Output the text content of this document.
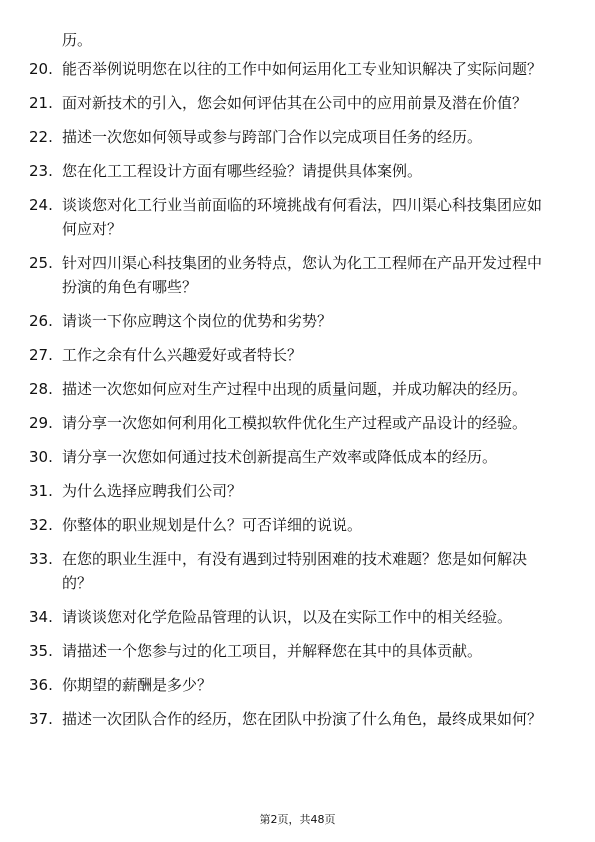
历。

20. 能否举例说明您在以往的工作中如何运用化工专业知识解决了实际问题？
21. 面对新技术的引入，您会如何评估其在公司中的应用前景及潜在价值？
22. 描述一次您如何领导或参与跨部门合作以完成项目任务的经历。
23. 您在化工工程设计方面有哪些经验？请提供具体案例。
24. 谈谈您对化工行业当前面临的环境挑战有何看法，四川渠心科技集团应如何应对？
25. 针对四川渠心科技集团的业务特点，您认为化工工程师在产品开发过程中扮演的角色有哪些？
26. 请谈一下你应聘这个岗位的优势和劣势？
27. 工作之余有什么兴趣爱好或者特长？
28. 描述一次您如何应对生产过程中出现的质量问题，并成功解决的经历。
29. 请分享一次您如何利用化工模拟软件优化生产过程或产品设计的经验。
30. 请分享一次您如何通过技术创新提高生产效率或降低成本的经历。
31. 为什么选择应聘我们公司？
32. 你整体的职业规划是什么？可否详细的说说。
33. 在您的职业生涯中，有没有遇到过特别困难的技术难题？您是如何解决的？
34. 请谈谈您对化学危险品管理的认识，以及在实际工作中的相关经验。
35. 请描述一个您参与过的化工项目，并解释您在其中的具体贡献。
36. 你期望的薪酬是多少？
37. 描述一次团队合作的经历，您在团队中扮演了什么角色，最终成果如何？
第2页，共48页
